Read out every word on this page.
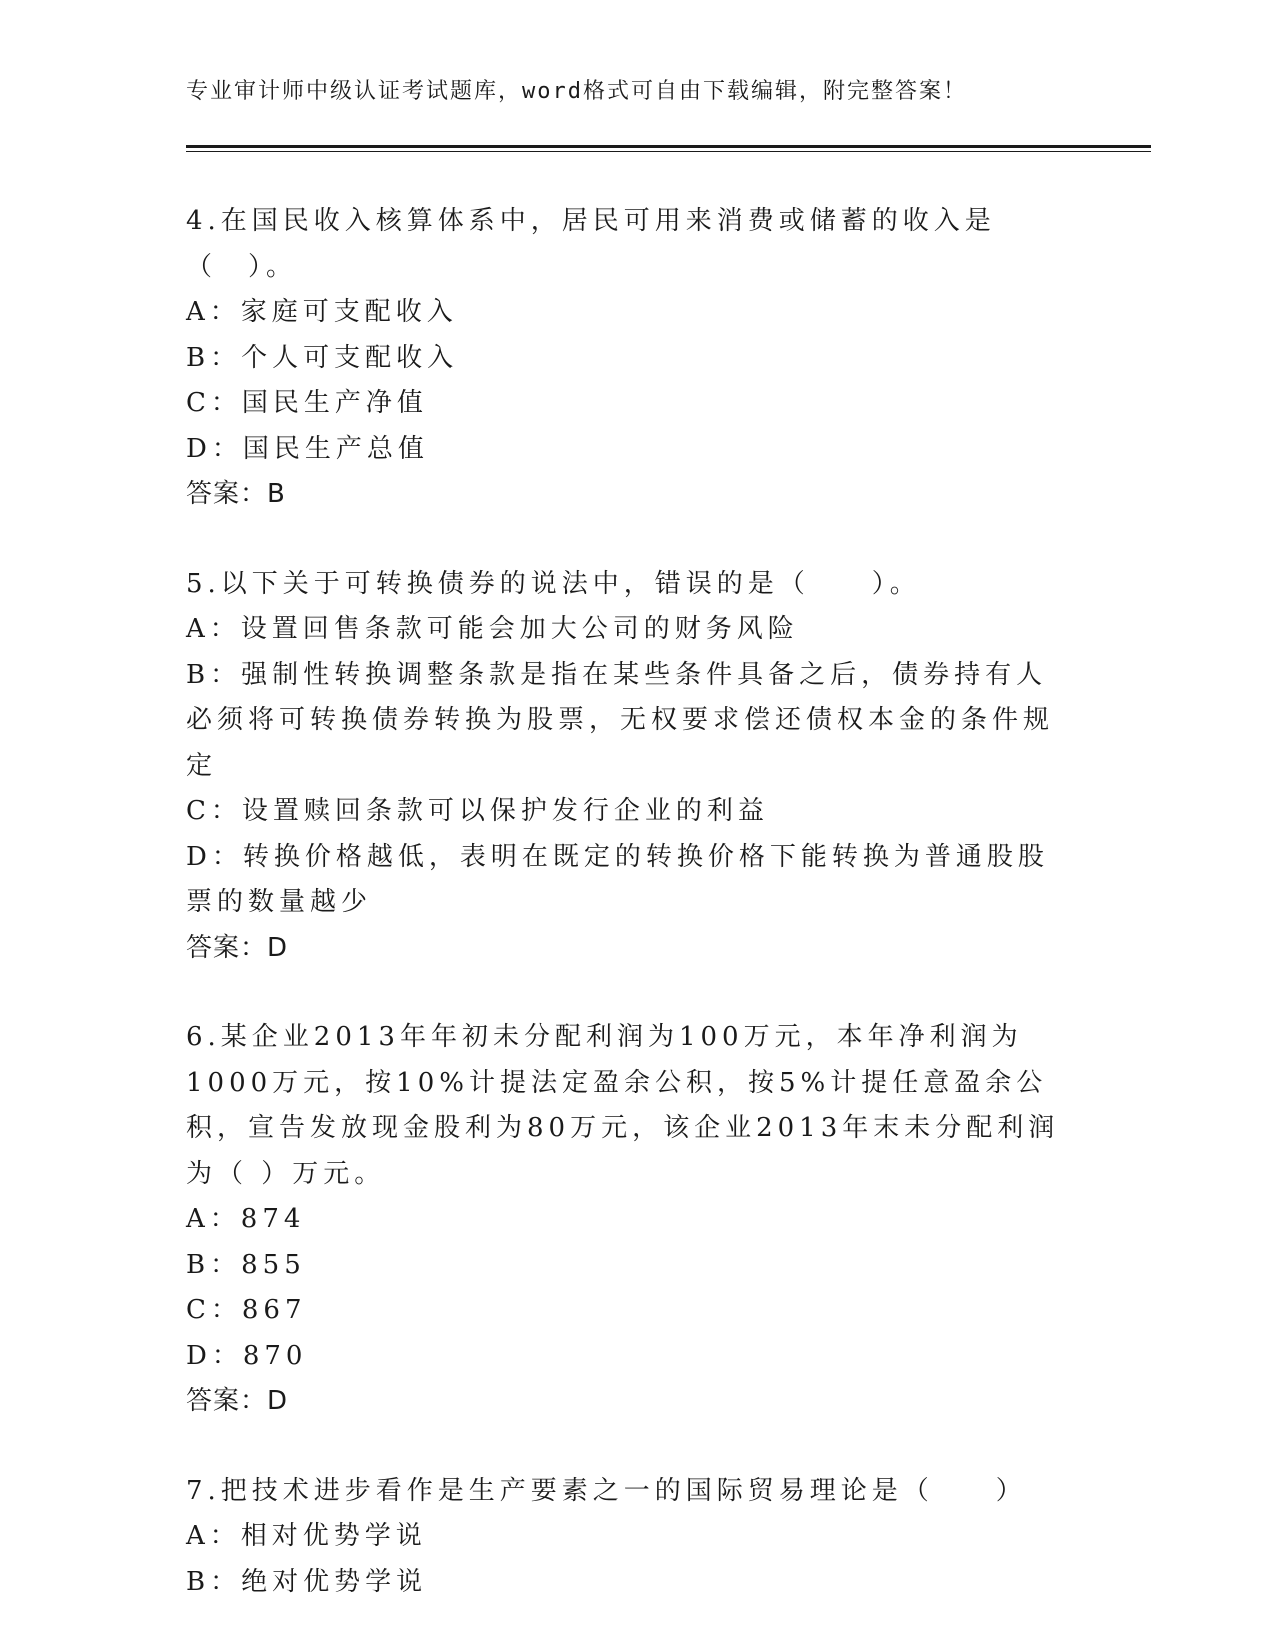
专业审计师中级认证考试题库，word格式可自由下载编辑，附完整答案！
4.在国民收入核算体系中，居民可用来消费或储蓄的收入是（　）。
A：家庭可支配收入
B：个人可支配收入
C：国民生产净值
D：国民生产总值
答案：B
5.以下关于可转换债券的说法中，错误的是（　　）。
A：设置回售条款可能会加大公司的财务风险
B：强制性转换调整条款是指在某些条件具备之后，债券持有人必须将可转换债券转换为股票，无权要求偿还债权本金的条件规定
C：设置赎回条款可以保护发行企业的利益
D：转换价格越低，表明在既定的转换价格下能转换为普通股股票的数量越少
答案：D
6.某企业2013年年初未分配利润为100万元，本年净利润为1000万元，按10%计提法定盈余公积，按5%计提任意盈余公积，宣告发放现金股利为80万元，该企业2013年末未分配利润为（ ）万元。
A：874
B：855
C：867
D：870
答案：D
7.把技术进步看作是生产要素之一的国际贸易理论是（　　）
A：相对优势学说
B：绝对优势学说
